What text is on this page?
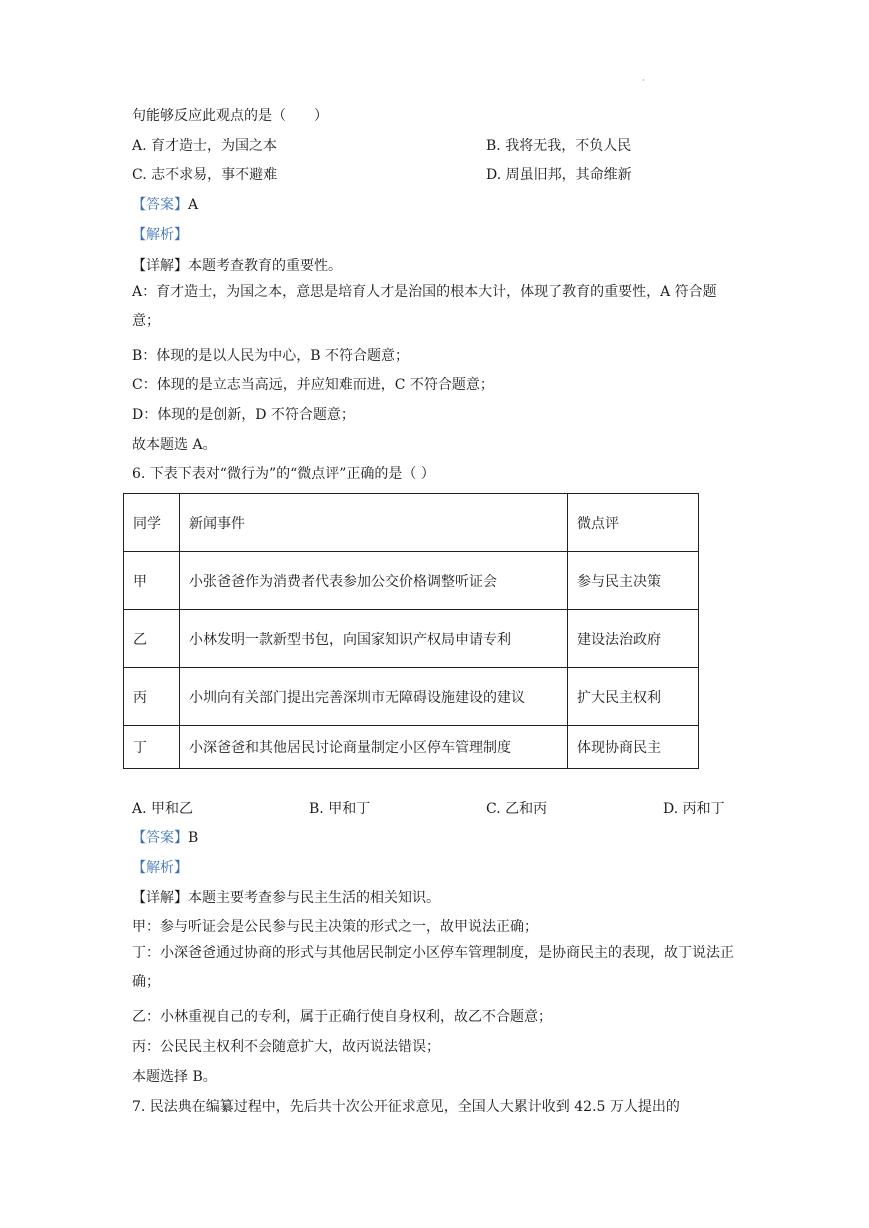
·
句能够反应此观点的是（　　）
A. 育才造士，为国之本	B. 我将无我，不负人民
C. 志不求易，事不避难	D. 周虽旧邦，其命维新
【答案】A
【解析】
【详解】本题考查教育的重要性。
A：育才造士，为国之本，意思是培育人才是治国的根本大计，体现了教育的重要性，A 符合题意；
B：体现的是以人民为中心，B 不符合题意；
C：体现的是立志当高远，并应知难而进，C 不符合题意；
D：体现的是创新，D 不符合题意；
故本题选 A。
6. 下表下表对“微行为”的“微点评”正确的是（ ）
同学	新闻事件	微点评
甲	小张爸爸作为消费者代表参加公交价格调整听证会	参与民主决策
乙	小林发明一款新型书包，向国家知识产权局申请专利	建设法治政府
丙	小圳向有关部门提出完善深圳市无障碍设施建设的建议	扩大民主权利
丁	小深爸爸和其他居民讨论商量制定小区停车管理制度	体现协商民主
A. 甲和乙	B. 甲和丁	C. 乙和丙	D. 丙和丁
【答案】B
【解析】
【详解】本题主要考查参与民主生活的相关知识。
甲：参与听证会是公民参与民主决策的形式之一，故甲说法正确；
丁：小深爸爸通过协商的形式与其他居民制定小区停车管理制度，是协商民主的表现，故丁说法正确；
乙：小林重视自己的专利，属于正确行使自身权利，故乙不合题意；
丙：公民民主权利不会随意扩大，故丙说法错误；
本题选择 B。
7. 民法典在编纂过程中，先后共十次公开征求意见，全国人大累计收到 42.5 万人提出的
